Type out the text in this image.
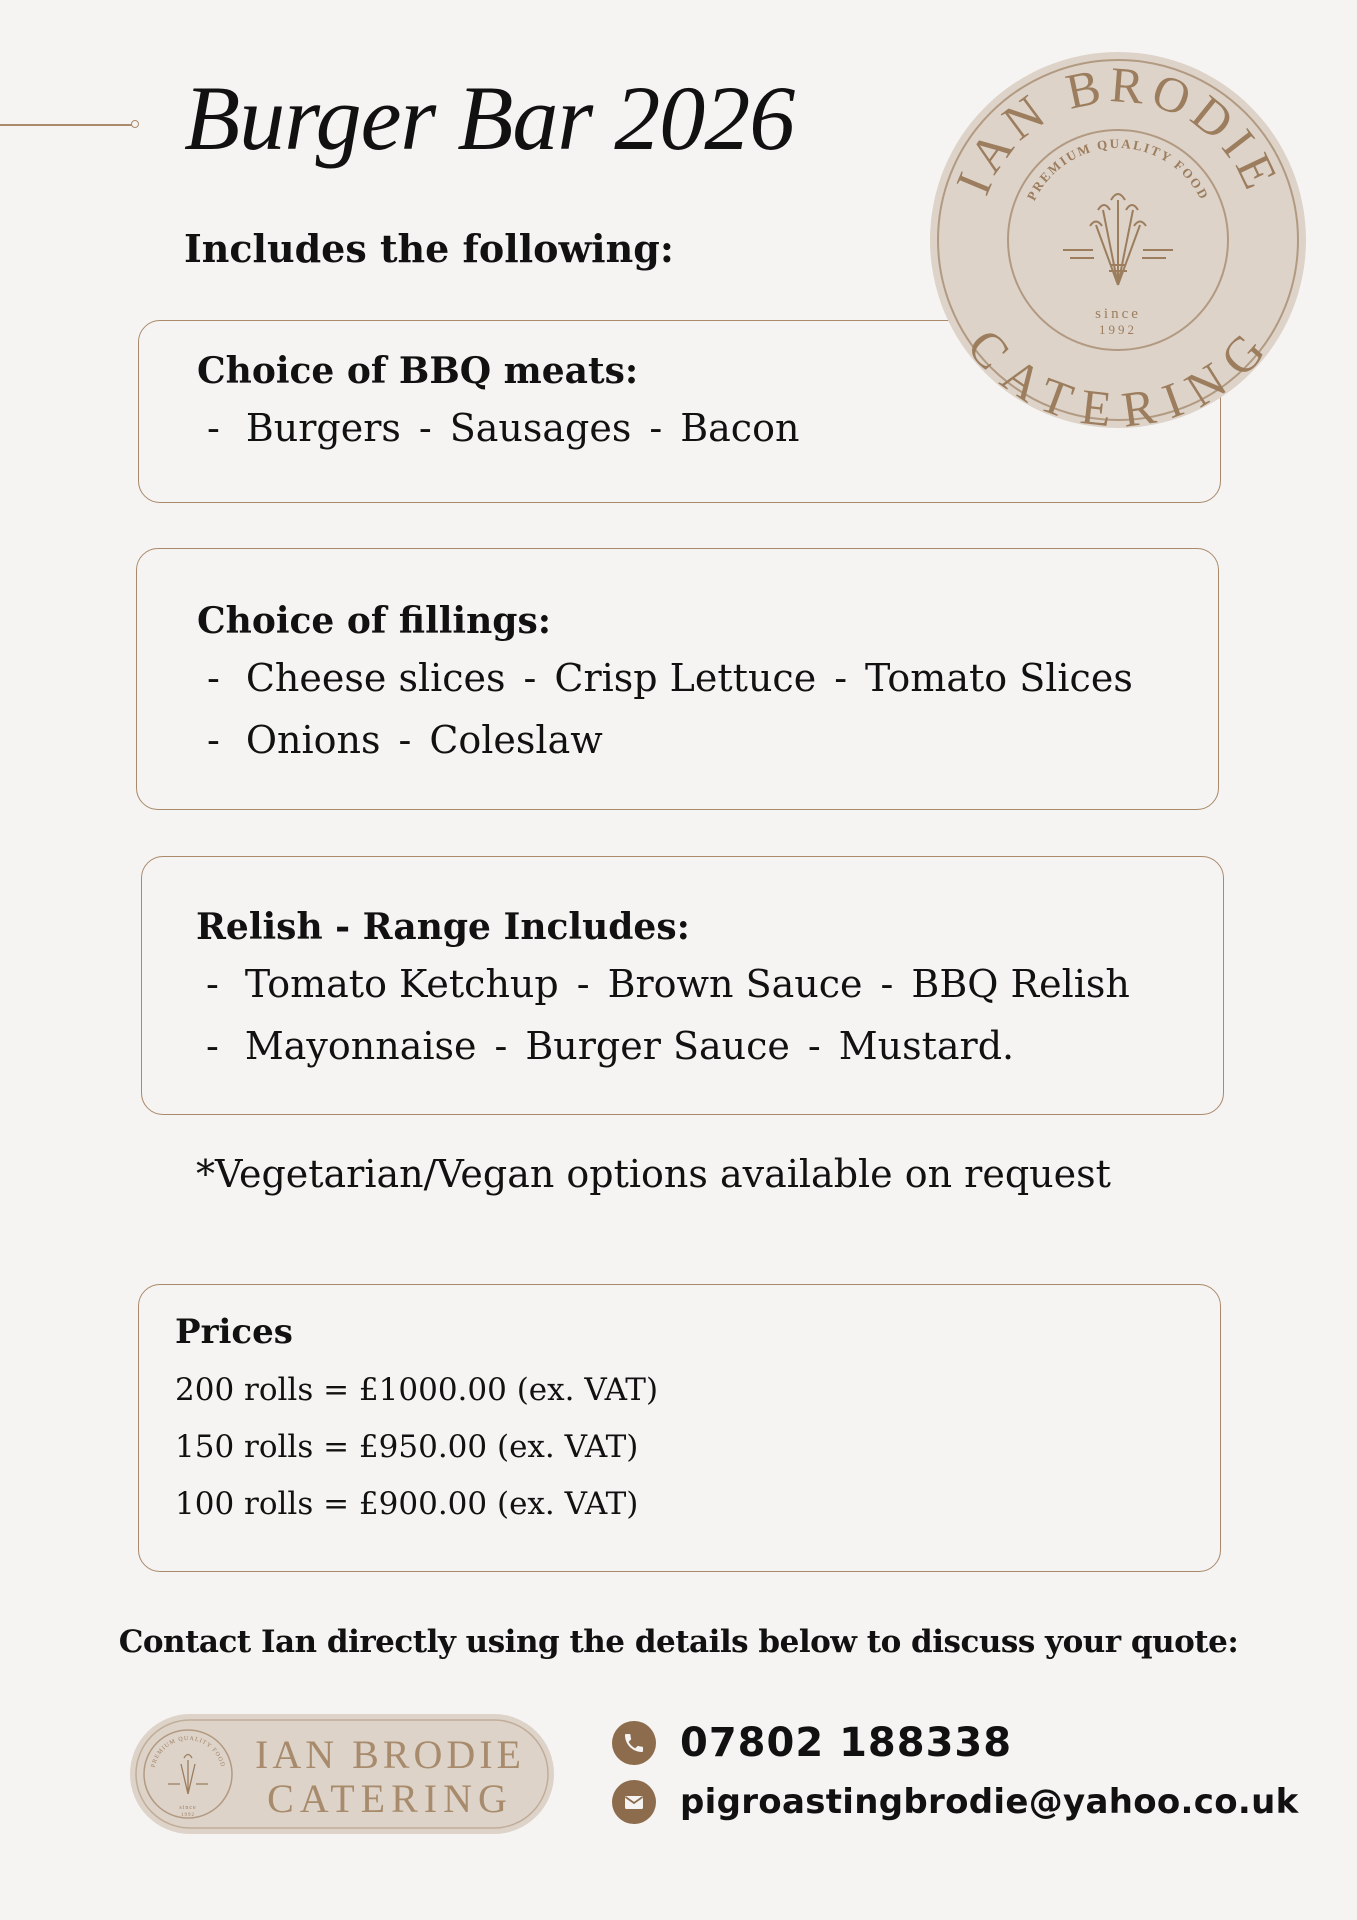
Burger Bar 2026
Includes the following:
Choice of BBQ meats:
- Burgers - Sausages - Bacon
Choice of fillings:
- Cheese slices - Crisp Lettuce - Tomato Slices
- Onions - Coleslaw
Relish - Range Includes:
- Tomato Ketchup - Brown Sauce - BBQ Relish
- Mayonnaise - Burger Sauce - Mustard.
*Vegetarian/Vegan options available on request
Prices
200 rolls = £1000.00 (ex. VAT)
150 rolls = £950.00 (ex. VAT)
100 rolls = £900.00 (ex. VAT)
Contact Ian directly using the details below to discuss your quote:
IAN BRODIE
CATERING
PREMIUM QUALITY FOOD
since
1992
PREMIUM QUALITY FOOD
since
1992
IAN BRODIE
CATERING
07802 188338
pigroastingbrodie@yahoo.co.uk
